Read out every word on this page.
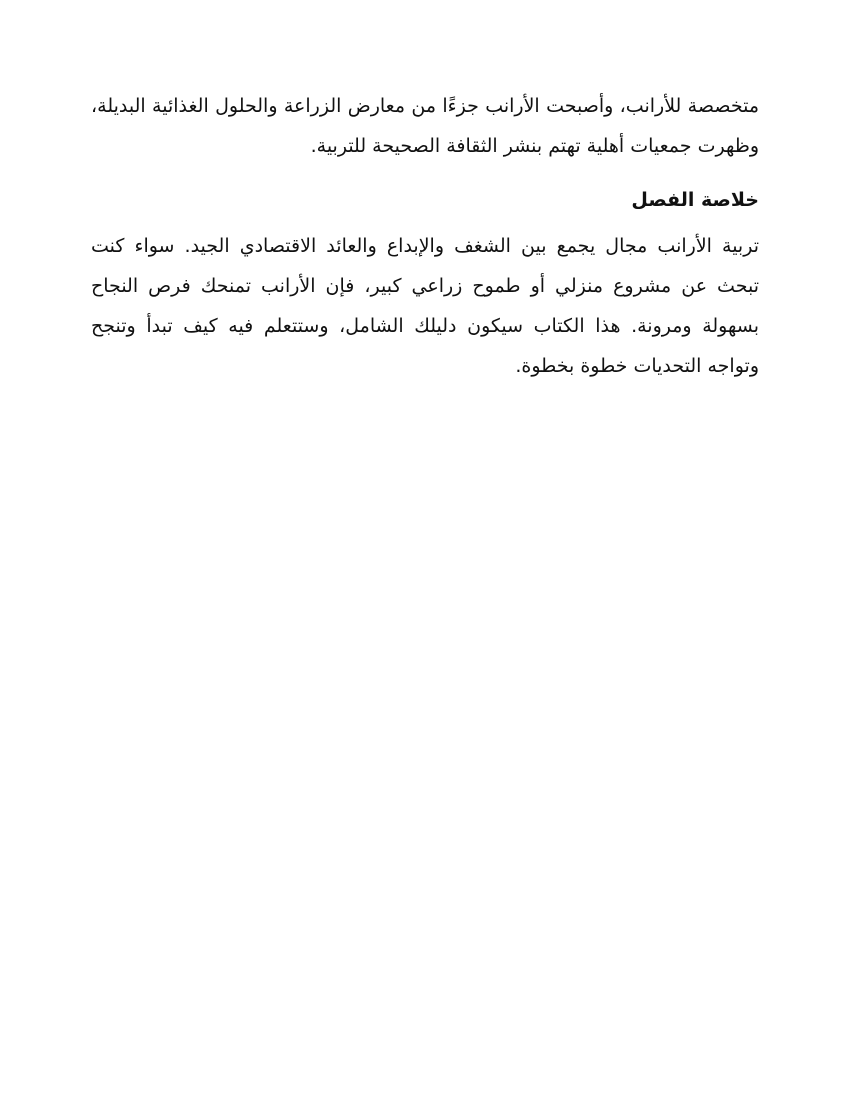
متخصصة للأرانب، وأصبحت الأرانب جزءًا من معارض الزراعة والحلول الغذائية البديلة، وظهرت جمعيات أهلية تهتم بنشر الثقافة الصحيحة للتربية.

خلاصة الفصل

تربية الأرانب مجال يجمع بين الشغف والإبداع والعائد الاقتصادي الجيد. سواء كنت تبحث عن مشروع منزلي أو طموح زراعي كبير، فإن الأرانب تمنحك فرص النجاح بسهولة ومرونة. هذا الكتاب سيكون دليلك الشامل، وستتعلم فيه كيف تبدأ وتنجح وتواجه التحديات خطوة بخطوة.
